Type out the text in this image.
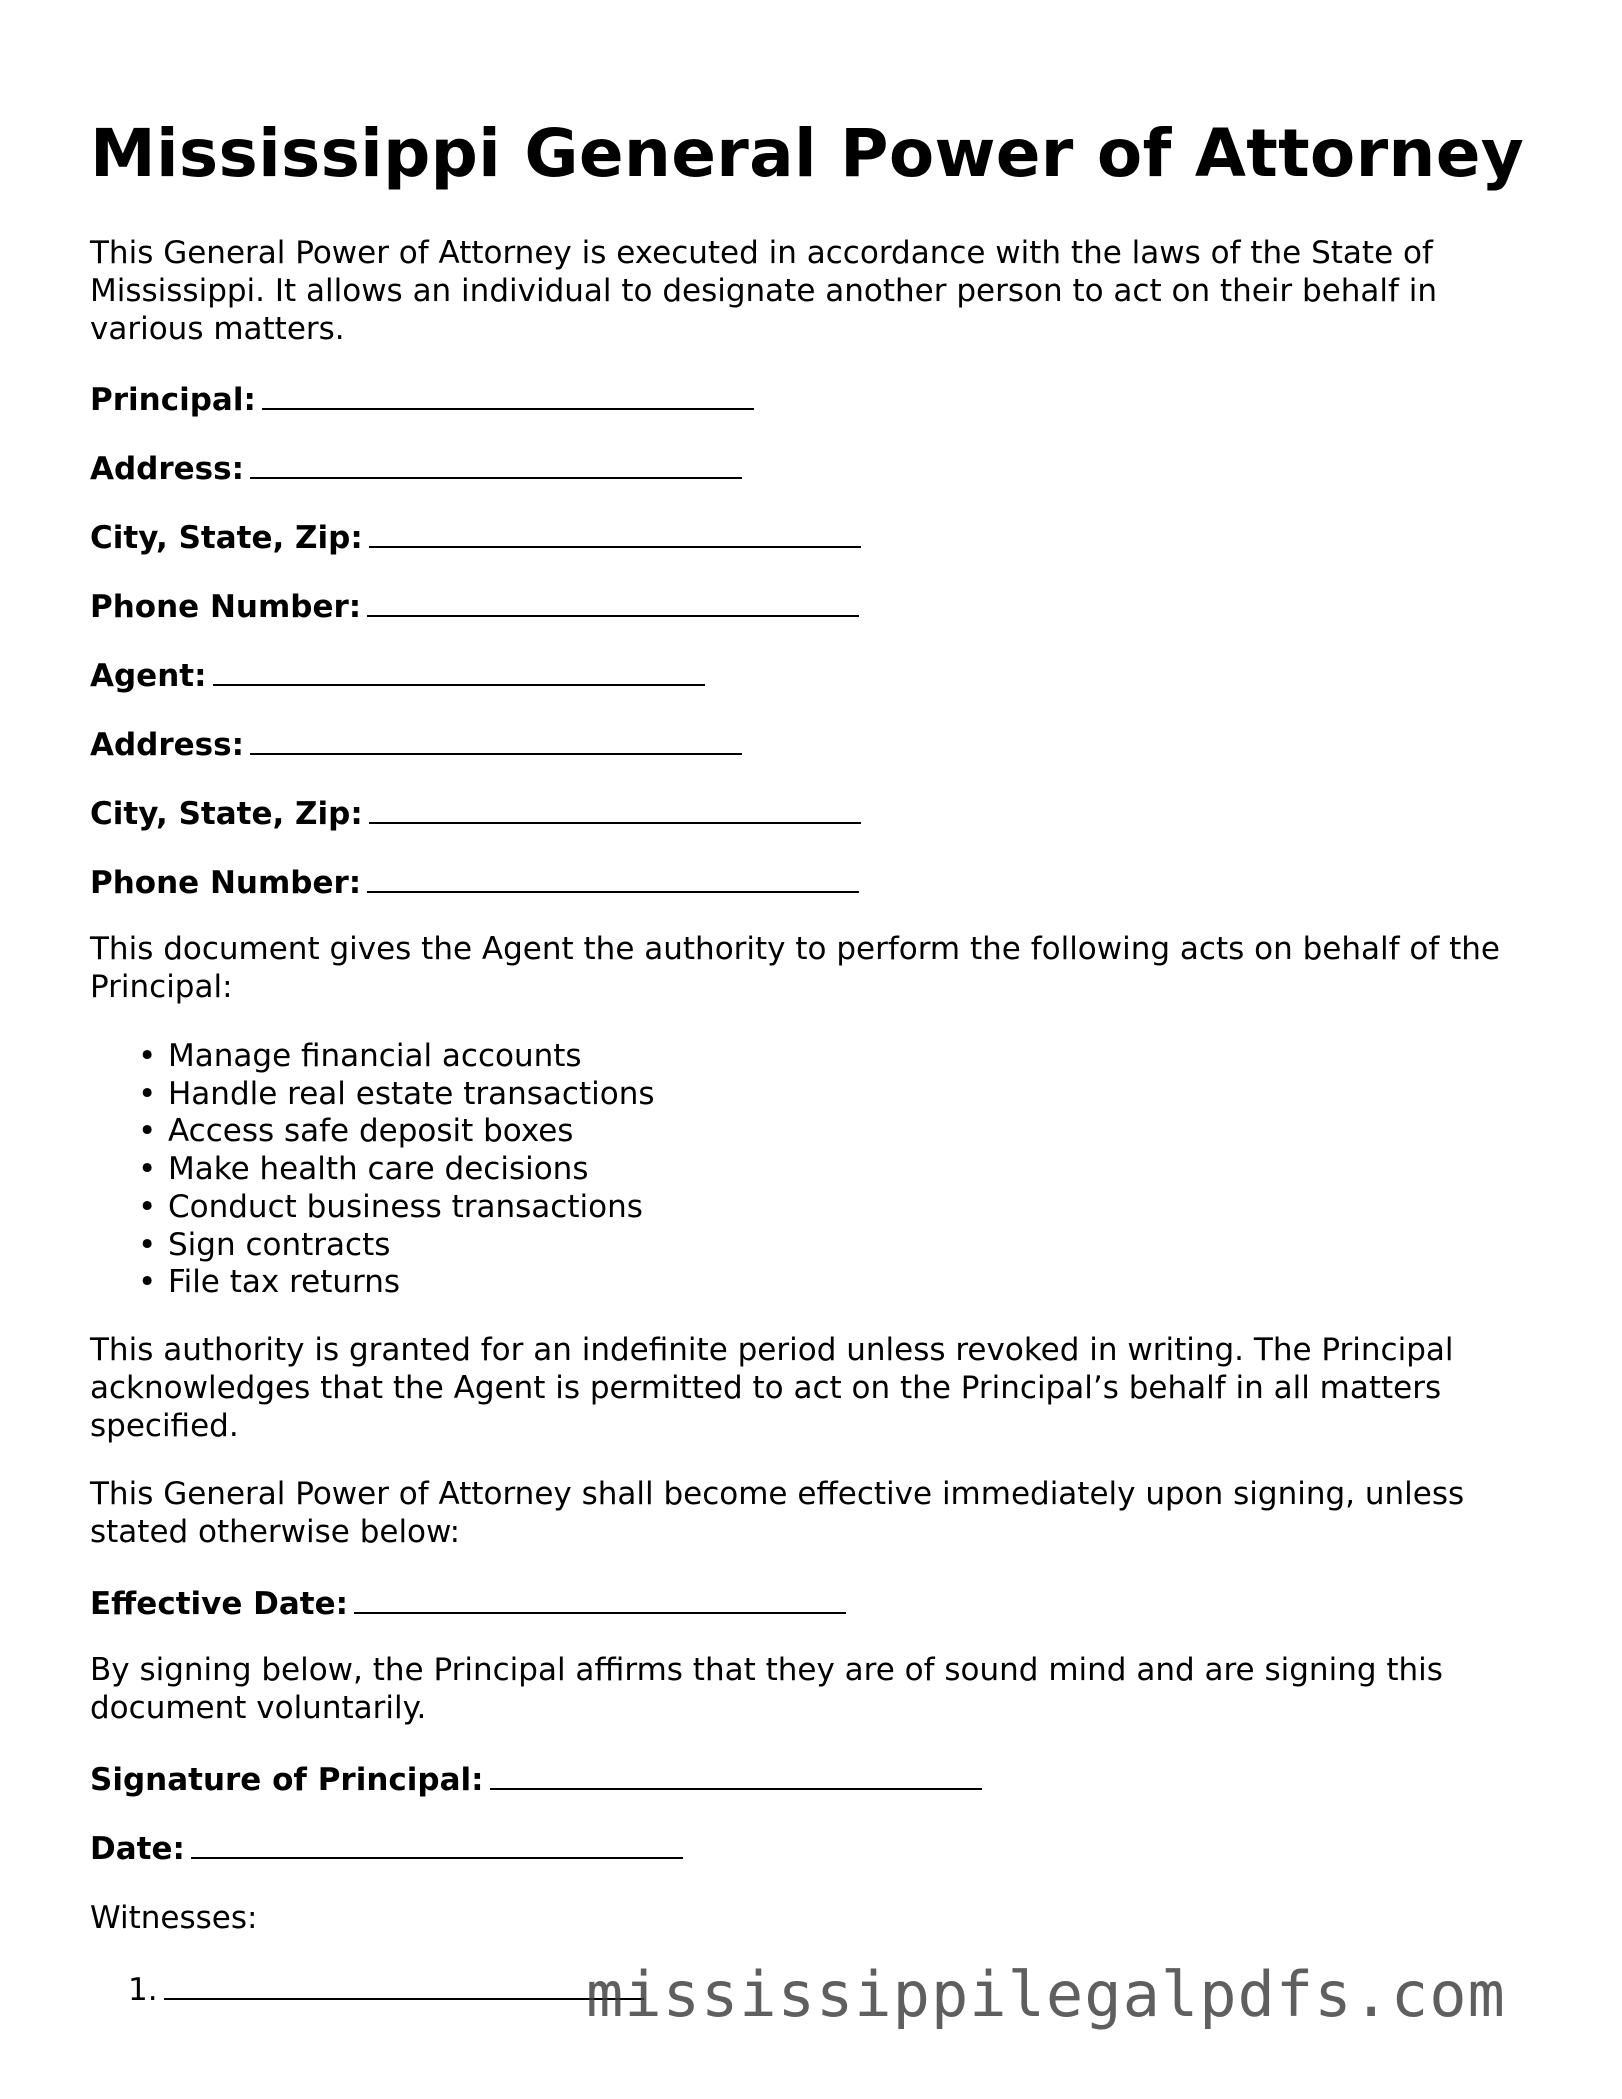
Mississippi General Power of Attorney

This General Power of Attorney is executed in accordance with the laws of the State of Mississippi. It allows an individual to designate another person to act on their behalf in various matters.

Principal:

Address:

City, State, Zip:

Phone Number:

Agent:

Address:

City, State, Zip:

Phone Number:

This document gives the Agent the authority to perform the following acts on behalf of the Principal:

• Manage financial accounts
• Handle real estate transactions
• Access safe deposit boxes
• Make health care decisions
• Conduct business transactions
• Sign contracts
• File tax returns

This authority is granted for an indefinite period unless revoked in writing. The Principal acknowledges that the Agent is permitted to act on the Principal’s behalf in all matters specified.

This General Power of Attorney shall become effective immediately upon signing, unless stated otherwise below:

Effective Date:

By signing below, the Principal affirms that they are of sound mind and are signing this document voluntarily.

Signature of Principal:

Date:

Witnesses:

1.	mississippilegalpdfs.com
